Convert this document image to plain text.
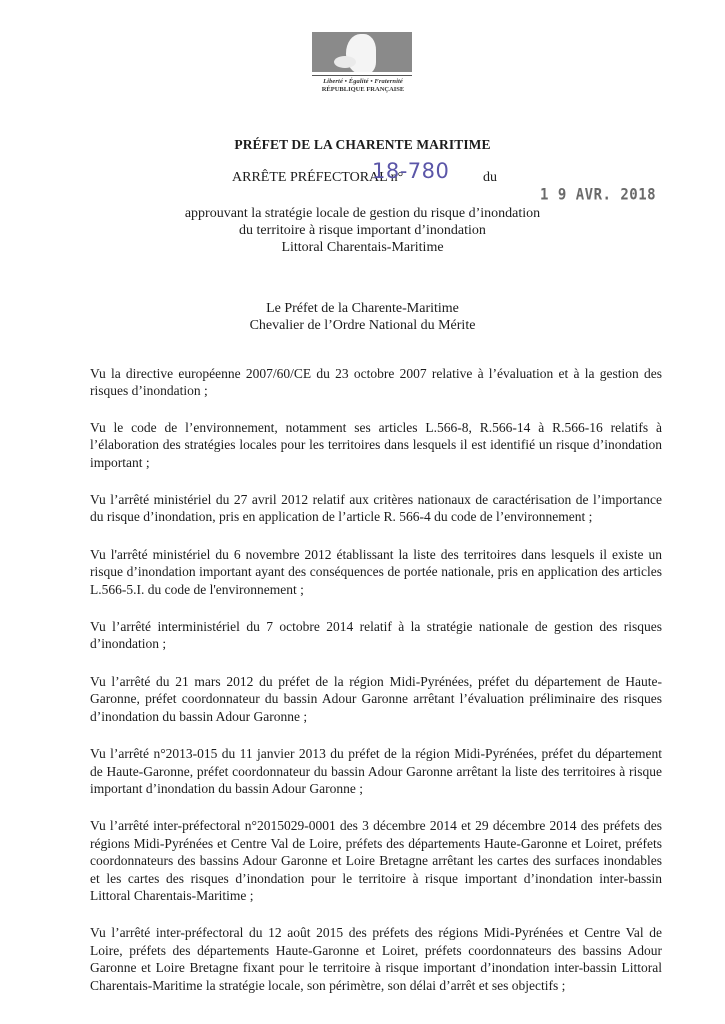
Liberté • Égalité • Fraternité
RÉPUBLIQUE FRANÇAISE
PRÉFET DE LA CHARENTE MARITIME
ARRÊTE PRÉFECTORAL n°
18-780 du
1 9 AVR. 2018
approuvant la stratégie locale de gestion du risque d’inondation
du territoire à risque important d’inondation
Littoral Charentais-Maritime
Le Préfet de la Charente-Maritime
Chevalier de l’Ordre National du Mérite

Vu la directive européenne 2007/60/CE du 23 octobre 2007 relative à l’évaluation et à la gestion des risques d’inondation ;

Vu le code de l’environnement, notamment ses articles L.566-8, R.566-14 à R.566-16 relatifs à l’élaboration des stratégies locales pour les territoires dans lesquels il est identifié un risque d’inondation important ;

Vu l’arrêté ministériel du 27 avril 2012 relatif aux critères nationaux de caractérisation de l’importance du risque d’inondation, pris en application de l’article R. 566-4 du code de l’environnement ;

Vu l'arrêté ministériel du 6 novembre 2012 établissant la liste des territoires dans lesquels il existe un risque d’inondation important ayant des conséquences de portée nationale, pris en application des articles L.566-5.I. du code de l'environnement ;

Vu l’arrêté interministériel du 7 octobre 2014 relatif à la stratégie nationale de gestion des risques d’inondation ;

Vu l’arrêté du 21 mars 2012 du préfet de la région Midi-Pyrénées, préfet du département de Haute-Garonne, préfet coordonnateur du bassin Adour Garonne arrêtant l’évaluation préliminaire des risques d’inondation du bassin Adour Garonne ;

Vu l’arrêté n°2013-015 du 11 janvier 2013 du préfet de la région Midi-Pyrénées, préfet du département de Haute-Garonne, préfet coordonnateur du bassin Adour Garonne arrêtant la liste des territoires à risque important d’inondation du bassin Adour Garonne ;

Vu l’arrêté inter-préfectoral n°2015029-0001 des 3 décembre 2014 et 29 décembre 2014 des préfets des régions Midi-Pyrénées et Centre Val de Loire, préfets des départements Haute-Garonne et Loiret, préfets coordonnateurs des bassins Adour Garonne et Loire Bretagne arrêtant les cartes des surfaces inondables et les cartes des risques d’inondation pour le territoire à risque important d’inondation inter-bassin Littoral Charentais-Maritime ;

Vu l’arrêté inter-préfectoral du 12 août 2015 des préfets des régions Midi-Pyrénées et Centre Val de Loire, préfets des départements Haute-Garonne et Loiret, préfets coordonnateurs des bassins Adour Garonne et Loire Bretagne fixant pour le territoire à risque important d’inondation inter-bassin Littoral Charentais-Maritime la stratégie locale, son périmètre, son délai d’arrêt et ses objectifs ;
